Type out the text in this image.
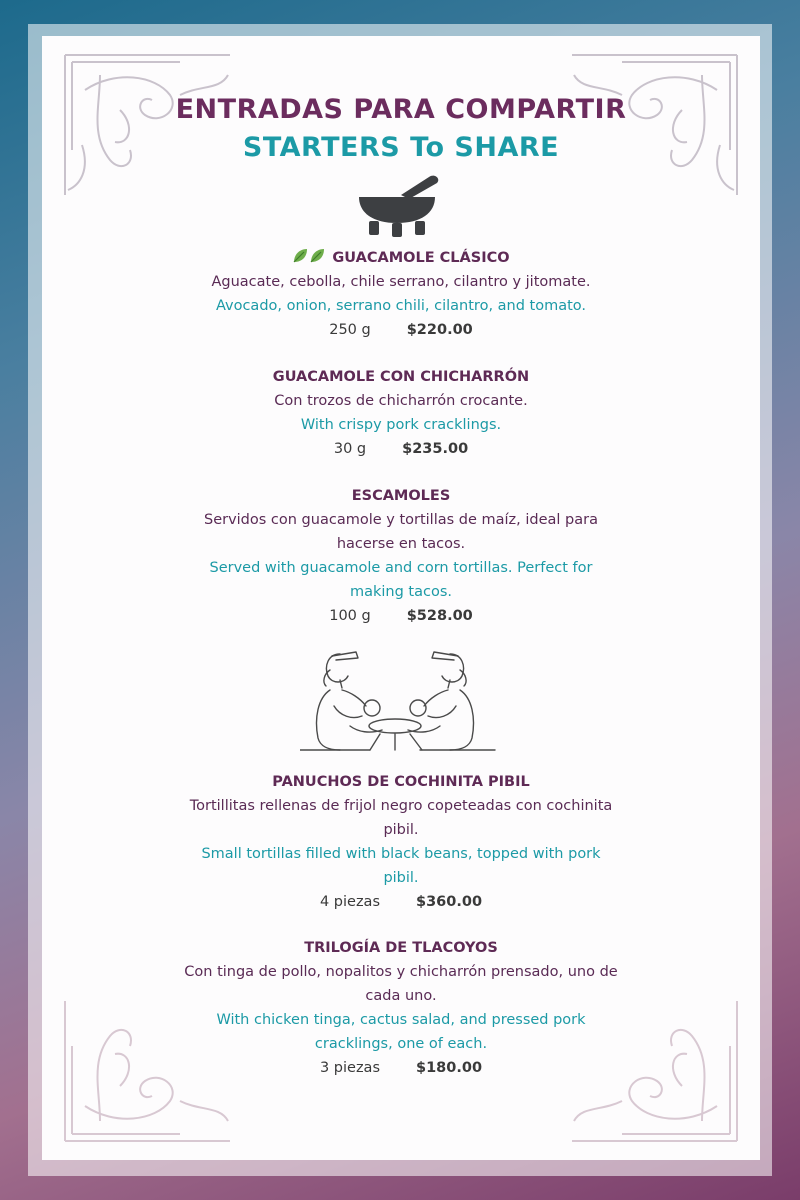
ENTRADAS PARA COMPARTIR
STARTERS To SHARE
GUACAMOLE CLÁSICO
Aguacate, cebolla, chile serrano, cilantro y jitomate.
Avocado, onion, serrano chili, cilantro, and tomato.
250 g $220.00
GUACAMOLE CON CHICHARRÓN
Con trozos de chicharrón crocante.
With crispy pork cracklings.
30 g $235.00
ESCAMOLES
Servidos con guacamole y tortillas de maíz, ideal para
hacerse en tacos.
Served with guacamole and corn tortillas. Perfect for
making tacos.
100 g $528.00
PANUCHOS DE COCHINITA PIBIL
Tortillitas rellenas de frijol negro copeteadas con cochinita
pibil.
Small tortillas filled with black beans, topped with pork
pibil.
4 piezas $360.00
TRILOGÍA DE TLACOYOS
Con tinga de pollo, nopalitos y chicharrón prensado, uno de
cada uno.
With chicken tinga, cactus salad, and pressed pork
cracklings, one of each.
3 piezas $180.00
